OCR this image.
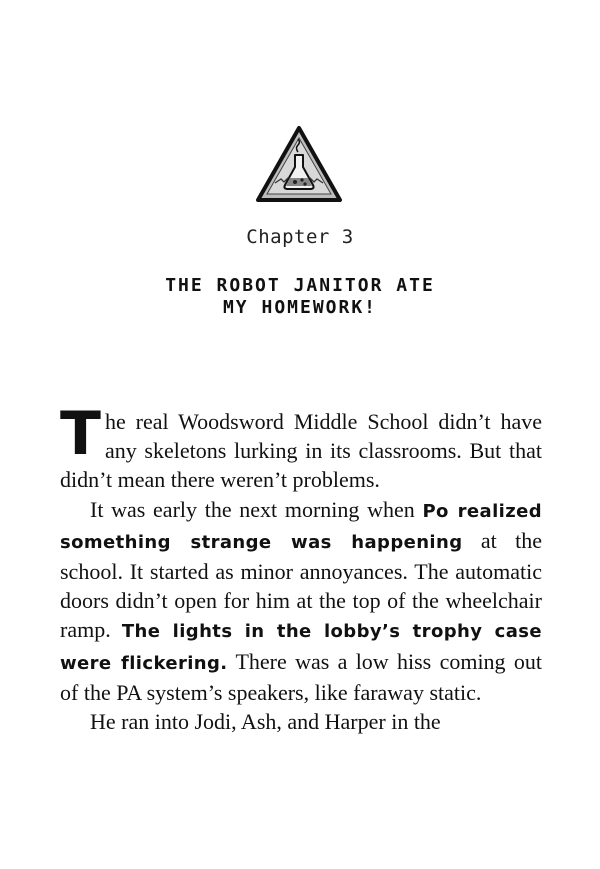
Chapter 3
THE ROBOT JANITOR ATE
MY HOMEWORK!

The real Woodsword Middle School didn’t have any skeletons lurking in its classrooms. But that didn’t mean there weren’t problems.

It was early the next morning when Po realized something strange was happening at the school. It started as minor annoyances. The automatic doors didn’t open for him at the top of the wheelchair ramp. The lights in the lobby’s trophy case were flickering. There was a low hiss coming out of the PA system’s speakers, like faraway static.

He ran into Jodi, Ash, and Harper in the
